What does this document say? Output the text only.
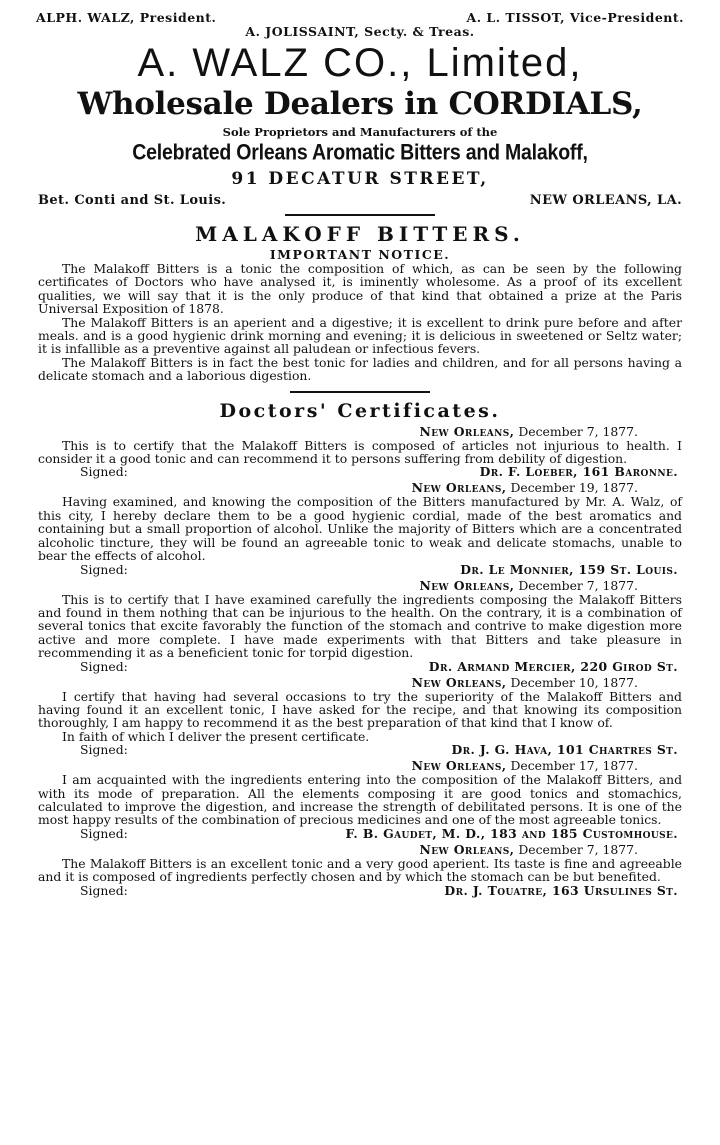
ALPH. WALZ, President.	A. L. TISSOT, Vice-President.
A. JOLISSAINT, Secty. & Treas.
A. WALZ CO., Limited,
Wholesale Dealers in CORDIALS,
Sole Proprietors and Manufacturers of the
Celebrated Orleans Aromatic Bitters and Malakoff,
91 DECATUR STREET,
Bet. Conti and St. Louis.	NEW ORLEANS, LA.
MALAKOFF BITTERS.
IMPORTANT NOTICE.

The Malakoff Bitters is a tonic the composition of which, as can be seen by the following certificates of Doctors who have analysed it, is iminently wholesome. As a proof of its excellent qualities, we will say that it is the only produce of that kind that obtained a prize at the Paris Universal Exposition of 1878.

The Malakoff Bitters is an aperient and a digestive; it is excellent to drink pure before and after meals. and is a good hygienic drink morning and evening; it is delicious in sweetened or Seltz water; it is infallible as a preventive against all paludean or infectious fevers.

The Malakoff Bitters is in fact the best tonic for ladies and children, and for all persons having a delicate stomach and a laborious digestion.

Doctors' Certificates.
New Orleans, December 7, 1877.

This is to certify that the Malakoff Bitters is composed of articles not injurious to health. I consider it a good tonic and can recommend it to persons suffering from debility of digestion.

Signed:	Dr. F. Loeber, 161 Baronne.
New Orleans, December 19, 1877.

Having examined, and knowing the composition of the Bitters manufactured by Mr. A. Walz, of this city, I hereby declare them to be a good hygienic cordial, made of the best aromatics and containing but a small proportion of alcohol. Unlike the majority of Bitters which are a concentrated alcoholic tincture, they will be found an agreeable tonic to weak and delicate stomachs, unable to bear the effects of alcohol.

Signed:	Dr. Le Monnier, 159 St. Louis.
New Orleans, December 7, 1877.

This is to certify that I have examined carefully the ingredients composing the Malakoff Bitters and found in them nothing that can be injurious to the health. On the contrary, it is a combination of several tonics that excite favorably the function of the stomach and contrive to make digestion more active and more complete. I have made experiments with that Bitters and take pleasure in recommending it as a beneficient tonic for torpid digestion.

Signed:	Dr. Armand Mercier, 220 Girod St.
New Orleans, December 10, 1877.

I certify that having had several occasions to try the superiority of the Malakoff Bitters and having found it an excellent tonic, I have asked for the recipe, and that knowing its composition thoroughly, I am happy to recommend it as the best preparation of that kind that I know of.

In faith of which I deliver the present certificate.

Signed:	Dr. J. G. Hava, 101 Chartres St.
New Orleans, December 17, 1877.

I am acquainted with the ingredients entering into the composition of the Malakoff Bitters, and with its mode of preparation. All the elements composing it are good tonics and stomachics, calculated to improve the digestion, and increase the strength of debilitated persons. It is one of the most happy results of the combination of precious medicines and one of the most agreeable tonics.

Signed:	F. B. Gaudet, M. D., 183 and 185 Customhouse.
New Orleans, December 7, 1877.

The Malakoff Bitters is an excellent tonic and a very good aperient. Its taste is fine and agreeable and it is composed of ingredients perfectly chosen and by which the stomach can be but benefited.

Signed:	Dr. J. Touatre, 163 Ursulines St.
